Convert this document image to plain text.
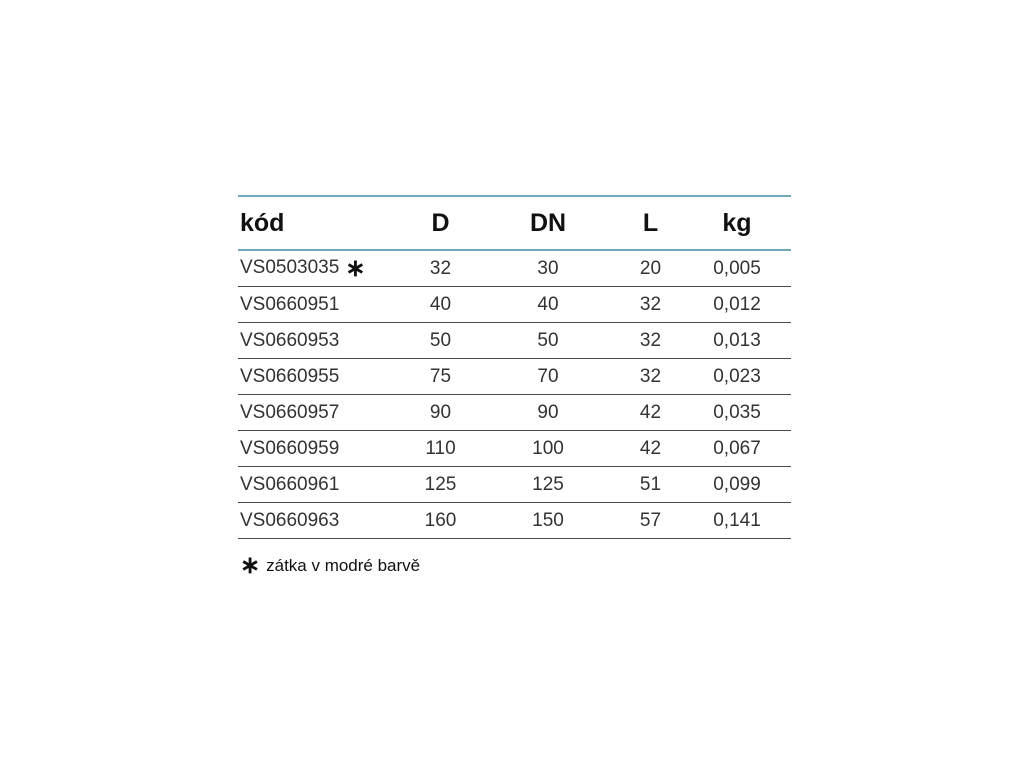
kód	D	DN	L	kg
VS0503035 ∗	32	30	20	0,005
VS0660951	40	40	32	0,012
VS0660953	50	50	32	0,013
VS0660955	75	70	32	0,023
VS0660957	90	90	42	0,035
VS0660959	110	100	42	0,067
VS0660961	125	125	51	0,099
VS0660963	160	150	57	0,141
∗ zátka v modré barvě
